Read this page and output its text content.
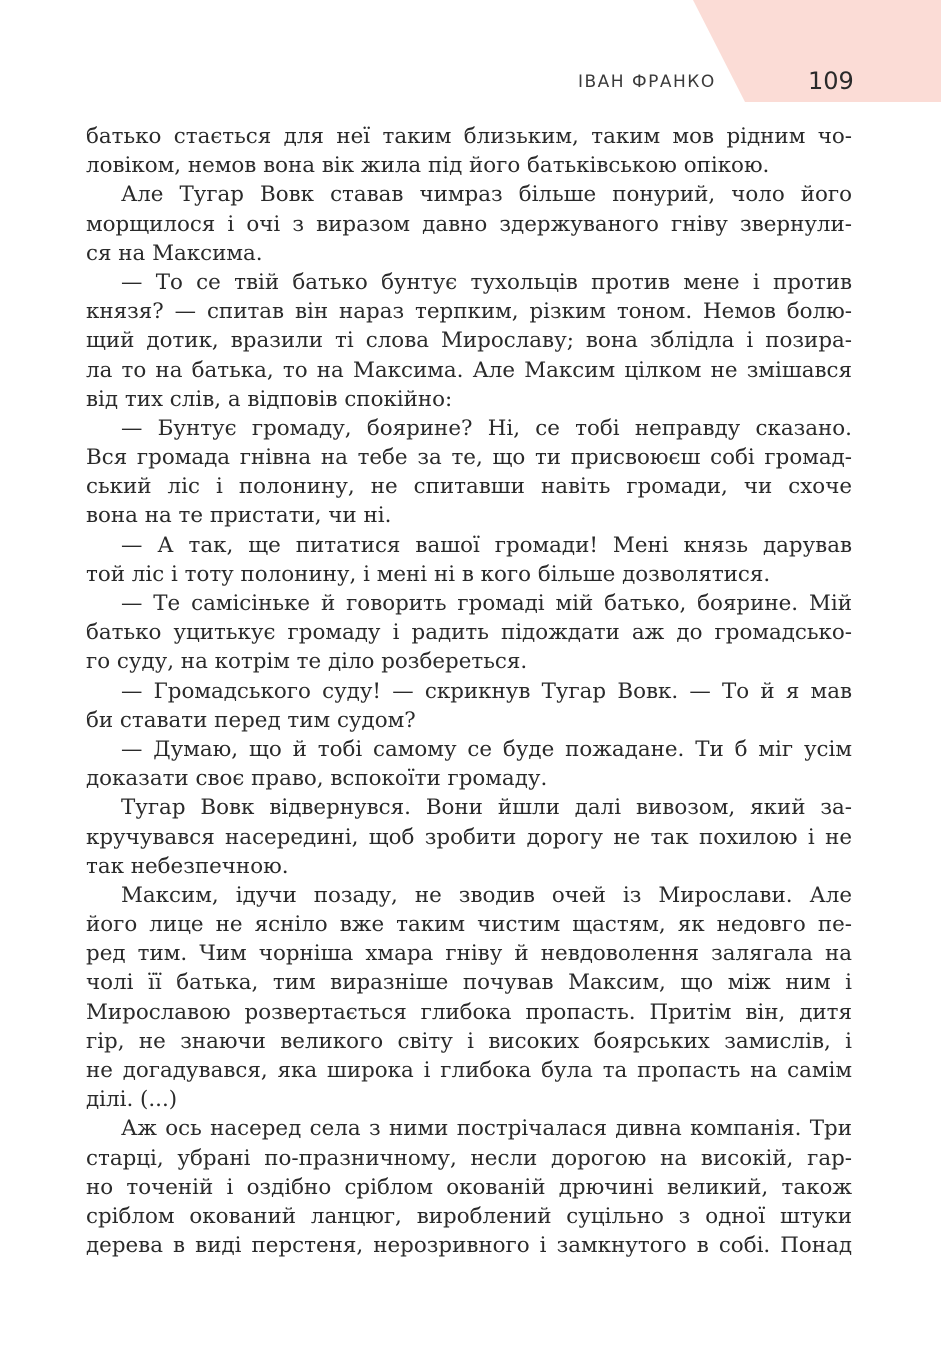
ІВАН ФРАНКО	109
батько стається для неї таким близьким, таким мов рідним чо-
ловіком, немов вона вік жила під його батьківською опікою.
Але Тугар Вовк ставав чимраз більше понурий, чоло його
морщилося і очі з виразом давно здержуваного гніву звернули-
ся на Максима.
— То се твій батько бунтує тухольців против мене і против
князя? — спитав він нараз терпким, різким тоном. Немов болю-
щий дотик, вразили ті слова Мирославу; вона зблідла і позира-
ла то на батька, то на Максима. Але Максим цілком не змішався
від тих слів, а відповів спокійно:
— Бунтує громаду, боярине? Ні, се тобі неправду сказано.
Вся громада гнівна на тебе за те, що ти присвоюєш собі громад-
ський ліс і полонину, не спитавши навіть громади, чи схоче
вона на те пристати, чи ні.
— А так, ще питатися вашої громади! Мені князь дарував
той ліс і тоту полонину, і мені ні в кого більше дозволятися.
— Те самісіньке й говорить громаді мій батько, боярине. Мій
батько уцитькує громаду і радить підождати аж до громадсько-
го суду, на котрім те діло розбереться.
— Громадського суду! — скрикнув Тугар Вовк. — То й я мав
би ставати перед тим судом?
— Думаю, що й тобі самому се буде пожадане. Ти б міг усім
доказати своє право, вспокоїти громаду.
Тугар Вовк відвернувся. Вони йшли далі вивозом, який за-
кручувався насередині, щоб зробити дорогу не так похилою і не
так небезпечною.
Максим, ідучи позаду, не зводив очей із Мирослави. Але
його лице не ясніло вже таким чистим щастям, як недовго пе-
ред тим. Чим чорніша хмара гніву й невдоволення залягала на
чолі її батька, тим виразніше почував Максим, що між ним і
Мирославою розвертається глибока пропасть. Притім він, дитя
гір, не знаючи великого світу і високих боярських замислів, і
не догадувався, яка широка і глибока була та пропасть на самім
ділі. (...)
Аж ось насеред села з ними пострічалася дивна компанія. Три
старці, убрані по-празничному, несли дорогою на високій, гар-
но точеній і оздібно сріблом окованій дрючині великий, також
сріблом окований ланцюг, вироблений суцільно з одної штуки
дерева в виді перстеня, нерозривного і замкнутого в собі. Понад
